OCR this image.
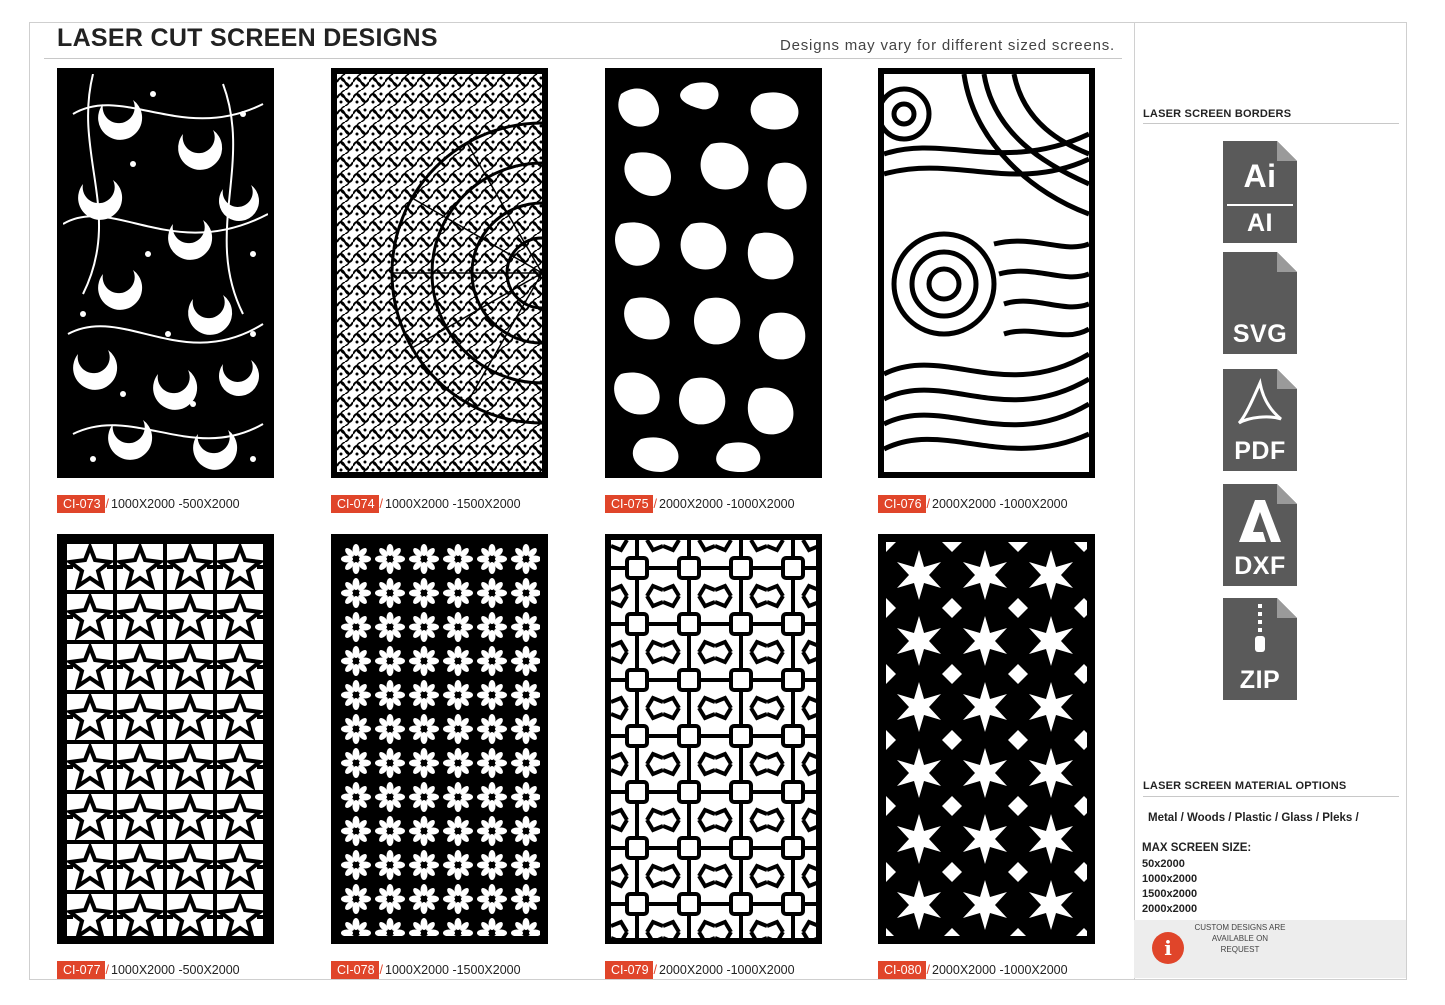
LASER CUT SCREEN DESIGNS	Designs may vary for different sized screens.
CI-073 / 1000X2000 -500X2000	CI-074 / 1000X2000 -1500X2000	CI-075 / 2000X2000 -1000X2000	CI-076 / 2000X2000 -1000X2000
CI-077 / 1000X2000 -500X2000	CI-078 / 1000X2000 -1500X2000	CI-079 / 2000X2000 -1000X2000	CI-080 / 2000X2000 -1000X2000
LASER SCREEN BORDERS
Ai
AI
SVG
PDF
DXF
ZIP
LASER SCREEN MATERIAL OPTIONS
Metal / Woods / Plastic / Glass / Pleks /
MAX SCREEN SIZE:
50x2000
1000x2000
1500x2000
2000x2000
i
CUSTOM DESIGNS ARE AVAILABLE ON REQUEST
